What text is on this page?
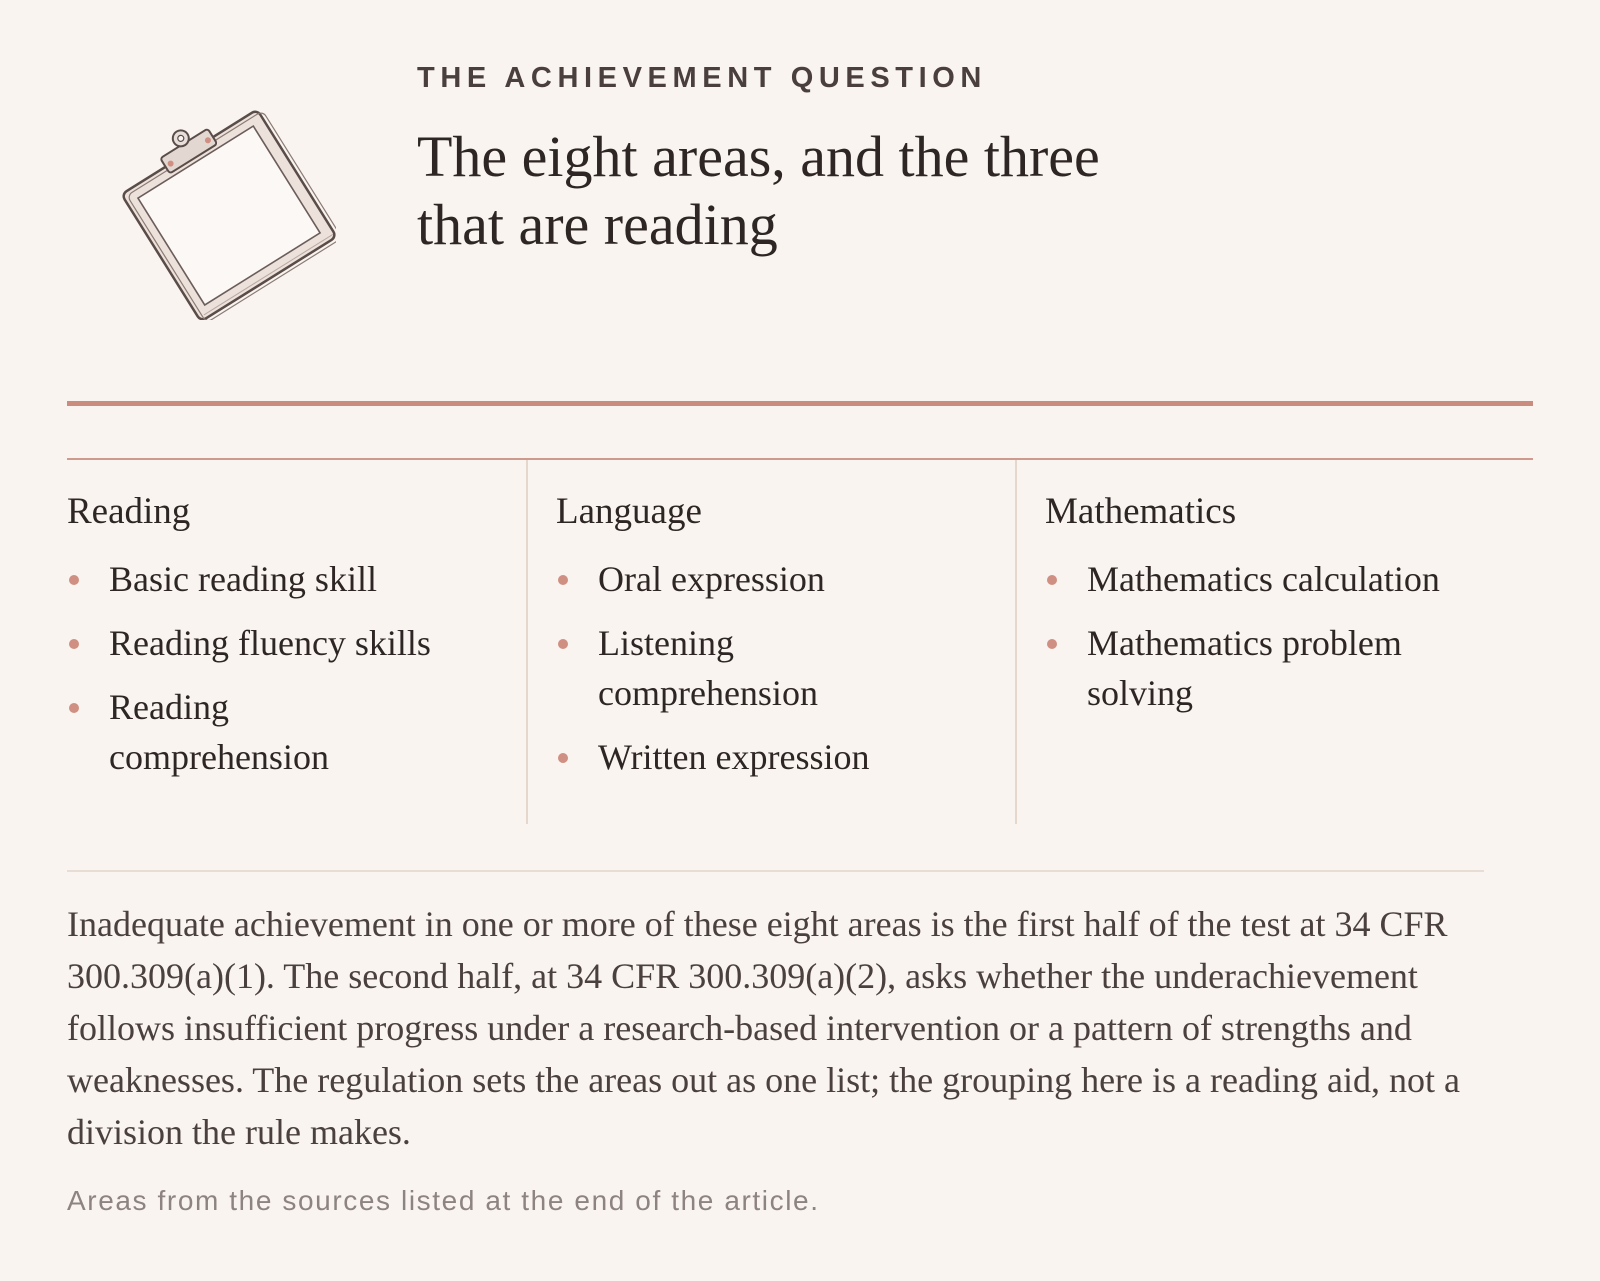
THE ACHIEVEMENT QUESTION

The eight areas, and the three that are reading
Reading
Basic reading skill
Reading fluency skills
Reading comprehension
Language
Oral expression
Listening comprehension
Written expression
Mathematics
Mathematics calculation
Mathematics problem solving

Inadequate achievement in one or more of these eight areas is the first half of the test at 34 CFR 300.309(a)(1). The second half, at 34 CFR 300.309(a)(2), asks whether the underachievement follows insufficient progress under a research-based intervention or a pattern of strengths and weaknesses. The regulation sets the areas out as one list; the grouping here is a reading aid, not a division the rule makes.

Areas from the sources listed at the end of the article.
